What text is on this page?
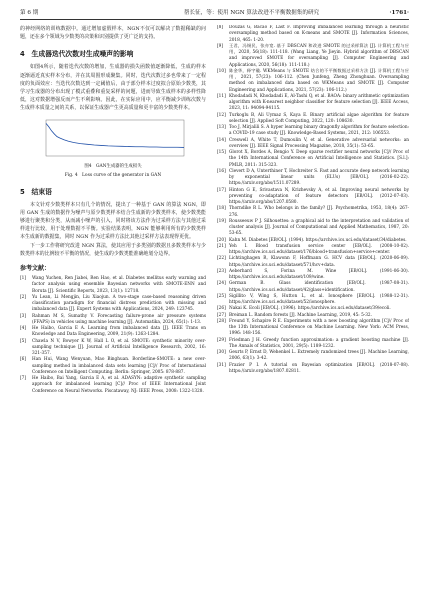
第 6 期	帮长征，等：使用 NGN 算法改进不平衡数据集的研究	·1761·

的神经网络的训练数据中。通过增加虚假样本，NGN不仅可以解决了数据稀缺的问题，还在多个领域为少数类的决策和识别提供了更广泛的支持。

4　生成器迭代次数对生成噪声的影响

如图4所示，随着迭代次数的增加，生成器的损失函数值逐渐降低，生成的样本逐渐逼近真实样本分布，并在其周围形成聚集。同时，迭代次数过多也带来了一定程度的负面效应：当迭代次数达到一定阈值后，由于部分样本过度拟合原始少数类，其学习生成器的分布出现了模式重叠和重复采样的问题，进而导致生成样本的多样性降低，这对数据增强反而产生不利影响。因此，在实际应用中，应平衡减少训练次数与生成样本质量之间的关系，以保证生成器产生更高质量和更丰富的少数类样本。

图4　GAN生成器的生成损失
Fig. 4　Loss curve of the generator in GAN
5　结束语

本文针对少数类样本只有几个的情况，提出了一种基于 GAN 的算法 NGN，即用 GAN 生成的数据作为噪声与原少数类样本结合生成新的少数类样本，使少数类能够进行聚类和分类，从而减小噪声的引入，同时将该方法作为过采样方法与其他过采样进行比较，用于处理数据不平衡。实验结果表明，NGN 能够利用所有的少数类样本生成新的数据集，同时 NGN 作为过采样方法比其他过采样方法表现得更优。

下一步工作将研究改进 NGN 算法，使其应用于多类别的数据且多数类样本与少数类样本的比例较不平衡的情况，使生成的少数类能准确地划分边界。

参考文献：
[1] Wang Yuchen, Ren Jiabei, Ren Hao, et al. Diabetes mellitus early warning and factor analysis using ensemble Bayesian networks with SMOTE-ENN and Boruta [J]. Scientific Reports, 2023, 13(1): 12718.
[2] Yu Lean, Li Mengjin, Liu Xiaojun. A two-stage case-based reasoning driven classification paradigm for financial distress prediction with missing and imbalanced data [J]. Expert Systems with Applications, 2024, 249: 123745.
[3] Rahman M S, Sumathy V. Forecasting failure-prone air pressure systems (FFAPS) in vehicles using machine learning [J]. Automatika, 2024, 65(1): 1-13.
[4] He Haibo, Garcia E A. Learning from imbalanced data [J]. IEEE Trans on Knowledge and Data Engineering, 2009, 21(9): 1263-1284.
[5] Chawla N V, Bowyer K W, Hall L O, et al. SMOTE: synthetic minority over-sampling technique [J]. Journal of Artificial Intelligence Research, 2002, 16: 321-357.
[6] Han Hui, Wang Wenyuan, Mao Binghuan. Borderline-SMOTE: a new over-sampling method in imbalanced data sets learning [C]// Proc of International Conference on Intelligent Computing. Berlin: Springer, 2005: 878-887.
[7] He Haibo, Bai Yang, Garcia E A, et al. ADASYN: adaptive synthetic sampling approach for imbalanced learning [C]// Proc of IEEE International Joint Conference on Neural Networks. Piscataway, NJ: IEEE Press, 2008: 1322-1328.
[8] Douzas G, Bacao F, Last F. Improving imbalanced learning through a heuristic oversampling method based on K-means and SMOTE [J]. Information Sciences, 2018, 465: 1-20.
[9] 王君，冯锡民，张亦宽. 基于 DBSCAN 和改进 SMOTE 的过采样算法 [J]. 计算机工程与应用，2020, 56(18): 111-118. (Wang Liang, Ye Jieyin. Hybrid algorithm of DBSCAN and improved SMOTE for oversampling [J]. Computer Engineering and Applications, 2020, 56(18): 111-118.)
[10] 陈金华，释宇璇. WKMeans 与 SMOTE 结合的不平衡数据过采样方法 [J]. 计算机工程与应用，2021, 57(23): 106-112. (Chen Junfeng, Zheng Zhonghuan. Oversampling method on imbalanced data based on WKMeans and SMOTE [J]. Computer Engineering and Applications, 2021, 57(23): 106-112.)
[11] Khodadadi N, Khodadadi E, Al-Tashi Q, et al. BAOA: binary arithmetic optimization algorithm with K-nearest neighbor classifier for feature selection [J]. IEEE Access, 2023, 11: 94094-94115.
[12] Turkoglu B, Ali Uymaz S, Kaya E. Binary artificial algae algorithm for feature selection [J]. Applied Soft Computing, 2022, 120: 108630.
[13] Too J, Mirjalili S. A hyper learning binary dragonfly algorithm for feature selection: a COVID-19 case study [J]. Knowledge-Based Systems, 2021, 212: 106553.
[14] Creswell A, White T, Dumoulin V, et al. Generative adversarial networks: an overview [J]. IEEE Signal Processing Magazine, 2018, 35(1): 53-65.
[15] Glorot X, Bordes A, Bengio Y. Deep sparse rectifier neural networks [C]// Proc of the 14th International Conference on Artificial Intelligence and Statistics. [S.l.]: PMLR, 2011: 315-323.
[16] Clevert D A, Unterthiner T, Hochreiter S. Fast and accurate deep network learning by exponential linear units (ELUs) [EB/OL]. (2016-02-22). https://arxiv.org/abs/1511.07289.
[17] Hinton G E, Srivastava N, Krizhevsky A, et al. Improving neural networks by preventing co-adaptation of feature detectors [EB/OL]. (2012-07-03). https://arxiv.org/abs/1207.0580.
[18] Thorndike R L. Who belongs in the family? [J]. Psychometrika, 1953, 18(4): 267-276.
[19] Rousseeuw P J. Silhouettes: a graphical aid to the interpretation and validation of cluster analysis [J]. Journal of Computational and Applied Mathematics, 1987, 20: 53-65.
[20] Kahn M. Diabetes [EB/OL]. (1994). https://archive.ics.uci.edu/dataset/34/diabetes.
[21] Yeh I. Blood transfusion service center [EB/OL]. (2008-10-02). https://archive.ics.uci.edu/dataset/176/blood+transfusion+service+center.
[22] Lichtinghagen R, Klawonn F, Hoffmann G. HCV data [EB/OL]. (2020-06-09). https://archive.ics.uci.edu/dataset/571/hcv+data.
[23] Aeberhard S, Forina M. Wine [EB/OL]. (1991-06-30). https://archive.ics.uci.edu/dataset/109/wine.
[24] German B. Glass identification [EB/OL]. (1987-08-31). https://archive.ics.uci.edu/dataset/42/glass+identification.
[25] Sigillito V, Wing S, Hutton L, et al. Ionosphere [EB/OL]. (1988-12-31). https://archive.ics.uci.edu/dataset/52/ionosphere.
[26] Nakai K. Ecoli [EB/OL]. (1996). https://archive.ics.uci.edu/dataset/39/ecoli.
[27] Breiman L. Random forests [J]. Machine Learning, 2019, 45: 5-32.
[28] Freund Y, Schapire R E. Experiments with a new boosting algorithm [C]// Proc of the 13th International Conference on Machine Learning. New York: ACM Press, 1996: 148-156.
[29] Friedman J H. Greedy function approximation: a gradient boosting machine [J]. The Annals of Statistics, 2001, 29(5): 1189-1232.
[30] Geurts P, Ernst D, Wehenkel L. Extremely randomized trees [J]. Machine Learning, 2006, 63(1): 3-42.
[31] Frazier P I. A tutorial on Bayesian optimization [EB/OL]. (2018-07-08). https://arxiv.org/abs/1807.02811.
